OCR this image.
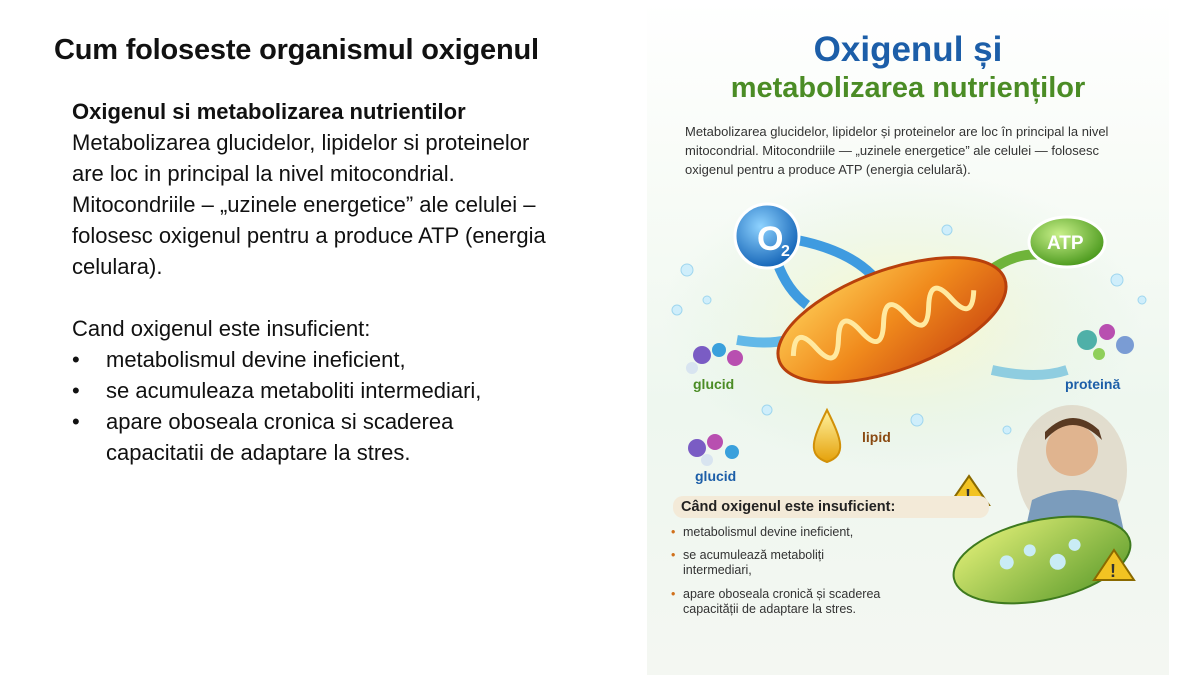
Cum foloseste organismul oxigenul

Oxigenul si metabolizarea nutrientilor

Metabolizarea glucidelor, lipidelor si proteinelor are loc in principal la nivel mitocondrial. Mitocondriile – „uzinele energetice” ale celulei – folosesc oxigenul pentru a produce ATP (energia celulara).

Cand oxigenul este insuficient:

• metabolismul devine ineficient,
• se acumuleaza metaboliti intermediari,
• apare oboseala cronica si scaderea capacitatii de adaptare la stres.
Oxigenul și
metabolizarea nutrienților
Metabolizarea glucidelor, lipidelor și proteinelor are loc în principal la nivel mitocondrial. Mitocondriile — „uzinele energetice” ale celulei — folosesc oxigenul pentru a produce ATP (energia celulară).
O
2	ATP
!
glucid	proteină
lipid
glucid
Când oxigenul este insuficient:
• metabolismul devine ineficient,
• se acumulează metaboliți intermediari,
• apare oboseala cronică și scaderea capacității de adaptare la stres.
